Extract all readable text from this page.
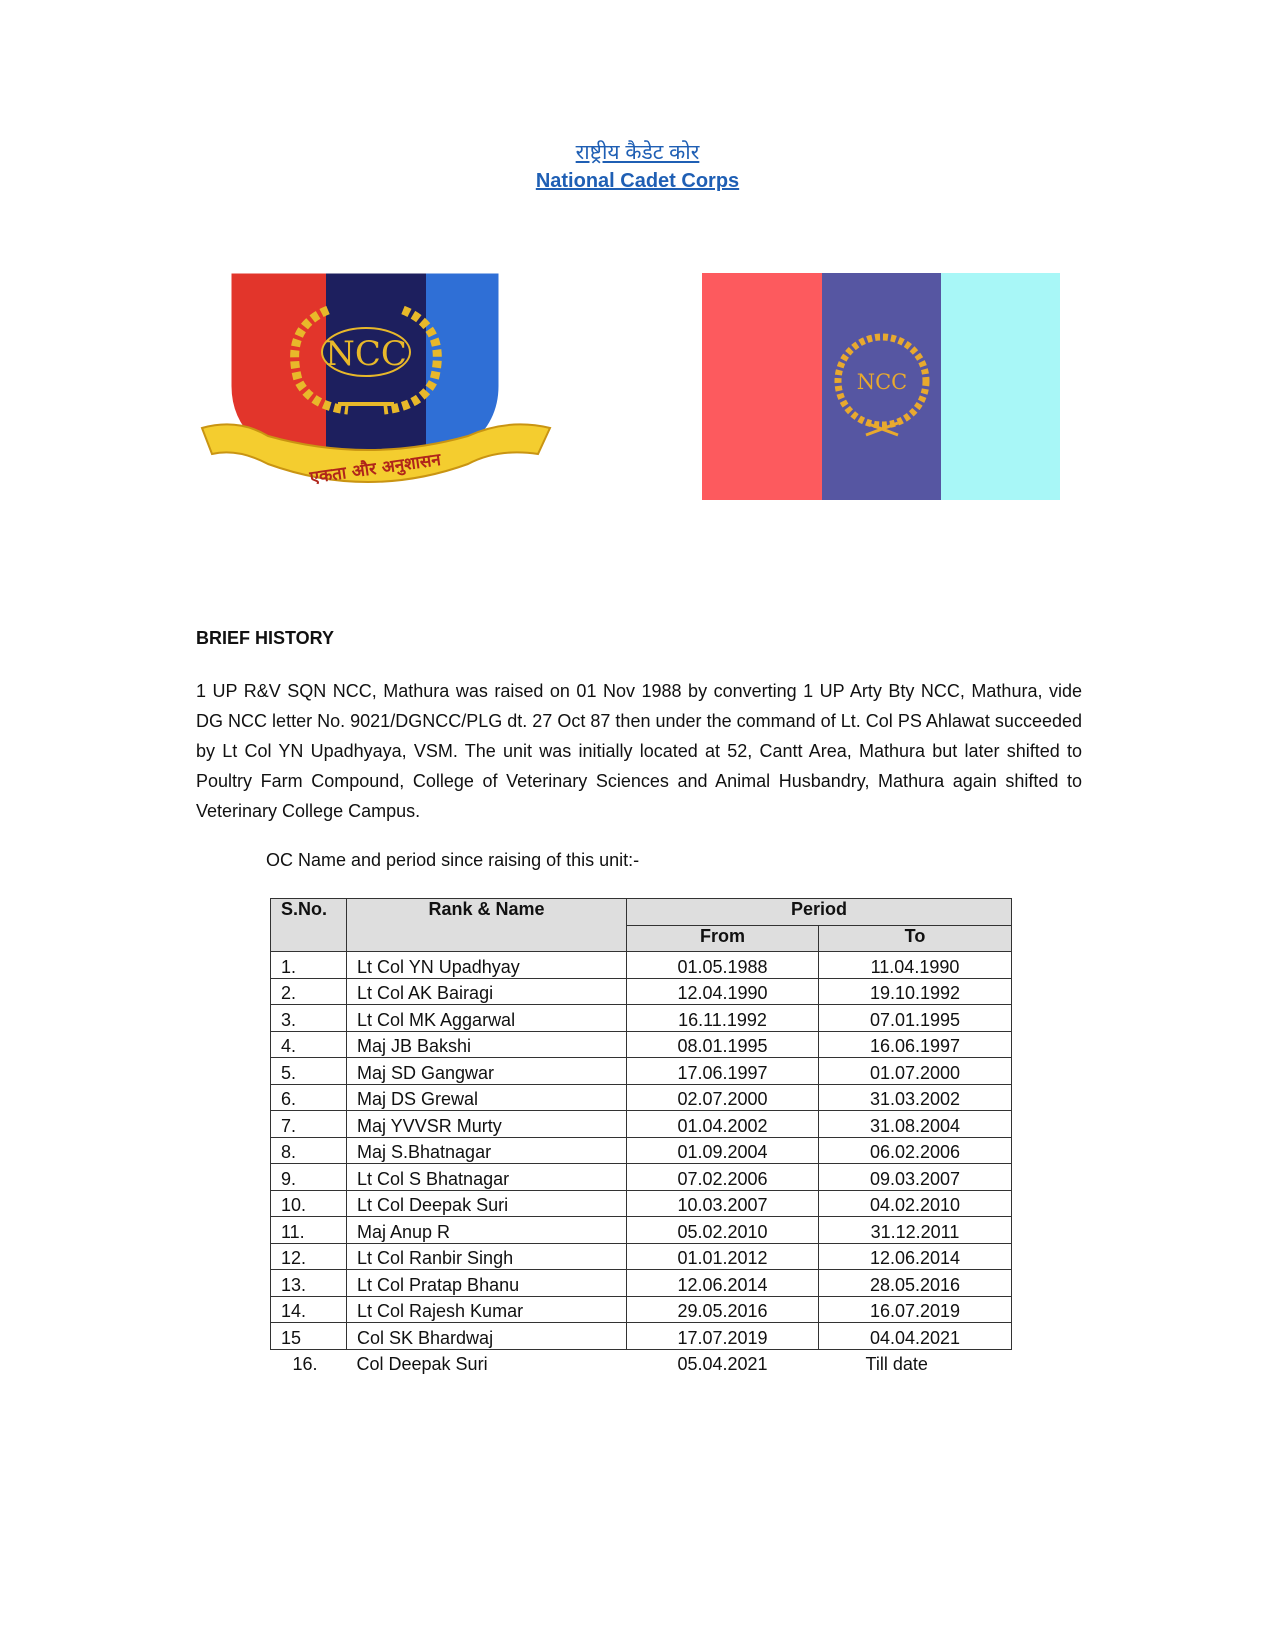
राष्ट्रीय कैडेट कोर
National Cadet Corps
NCC
एकता और अनुशासन
NCC
BRIEF HISTORY

1 UP R&V SQN NCC, Mathura was raised on 01 Nov 1988 by converting 1 UP Arty Bty NCC, Mathura, vide DG NCC letter No. 9021/DGNCC/PLG dt. 27 Oct 87 then under the command of Lt. Col PS Ahlawat succeeded by Lt Col YN Upadhyaya, VSM. The unit was initially located at 52, Cantt Area, Mathura but later shifted to Poultry Farm Compound, College of Veterinary Sciences and Animal Husbandry, Mathura again shifted to Veterinary College Campus.

OC Name and period since raising of this unit:-
S.No.	Rank & Name	Period	
		From	To
1.	Lt Col YN Upadhyay	01.05.1988	11.04.1990
2.	Lt Col AK Bairagi	12.04.1990	19.10.1992
3.	Lt Col MK Aggarwal	16.11.1992	07.01.1995
4.	Maj JB Bakshi	08.01.1995	16.06.1997
5.	Maj SD Gangwar	17.06.1997	01.07.2000
6.	Maj DS Grewal	02.07.2000	31.03.2002
7.	Maj YVVSR Murty	01.04.2002	31.08.2004
8.	Maj S.Bhatnagar	01.09.2004	06.02.2006
9.	Lt Col S Bhatnagar	07.02.2006	09.03.2007
10.	Lt Col Deepak Suri	10.03.2007	04.02.2010
11.	Maj Anup R	05.02.2010	31.12.2011
12.	Lt Col Ranbir Singh	01.01.2012	12.06.2014
13.	Lt Col Pratap Bhanu	12.06.2014	28.05.2016
14.	Lt Col Rajesh Kumar	29.05.2016	16.07.2019
15	Col SK Bhardwaj	17.07.2019	04.04.2021
16.	Col Deepak Suri	05.04.2021	Till date
